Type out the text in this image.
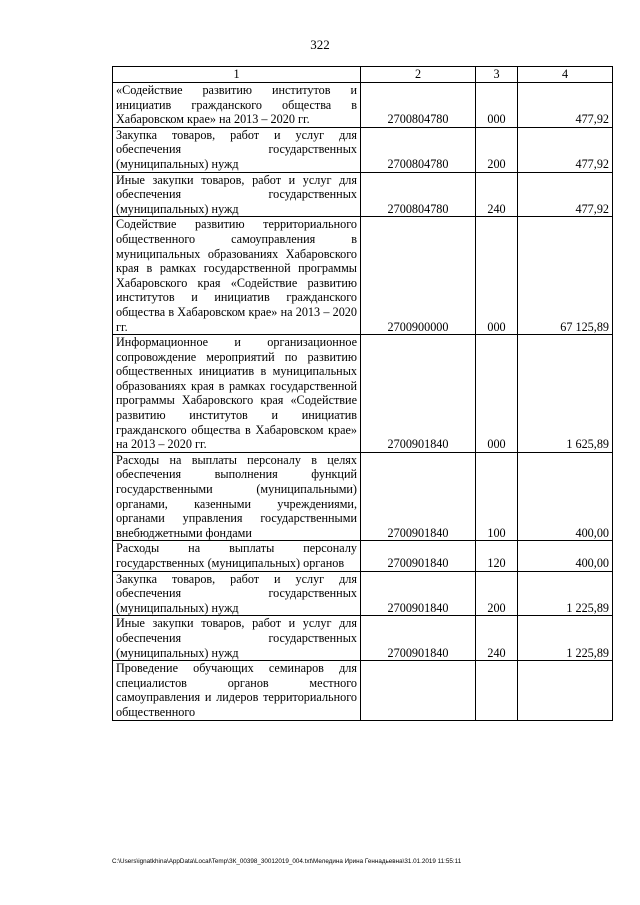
322
1	2	3	4
«Содействие развитию институтов и инициатив гражданского общества в Хабаровском крае» на 2013 – 2020 гг.	2700804780	000	477,92
Закупка товаров, работ и услуг для обеспечения государственных (муниципальных) нужд	2700804780	200	477,92
Иные закупки товаров, работ и услуг для обеспечения государственных (муниципальных) нужд	2700804780	240	477,92
Содействие развитию территориального общественного самоуправления в муниципальных образованиях Хабаровского края в рамках государственной программы Хабаровского края «Содействие развитию институтов и инициатив гражданского общества в Хабаровском крае» на 2013 – 2020 гг.	2700900000	000	67 125,89
Информационное и организационное сопровождение мероприятий по развитию общественных инициатив в муниципальных образованиях края в рамках государственной программы Хабаровского края «Содействие развитию институтов и инициатив гражданского общества в Хабаровском крае» на 2013 – 2020 гг.	2700901840	000	1 625,89
Расходы на выплаты персоналу в целях обеспечения выполнения функций государственными (муниципальными) органами, казенными учреждениями, органами управления государственными внебюджетными фондами	2700901840	100	400,00
Расходы на выплаты персоналу государственных (муниципальных) органов	2700901840	120	400,00
Закупка товаров, работ и услуг для обеспечения государственных (муниципальных) нужд	2700901840	200	1 225,89
Иные закупки товаров, работ и услуг для обеспечения государственных (муниципальных) нужд	2700901840	240	1 225,89
Проведение обучающих семинаров для специалистов органов местного самоуправления и лидеров территориального общественного			
C:\Users\ignatkhina\AppData\Local\Temp\ЗК_00398_30012019_004.txt\Меледина Ирина Геннадьевна\31.01.2019 11:55:11
